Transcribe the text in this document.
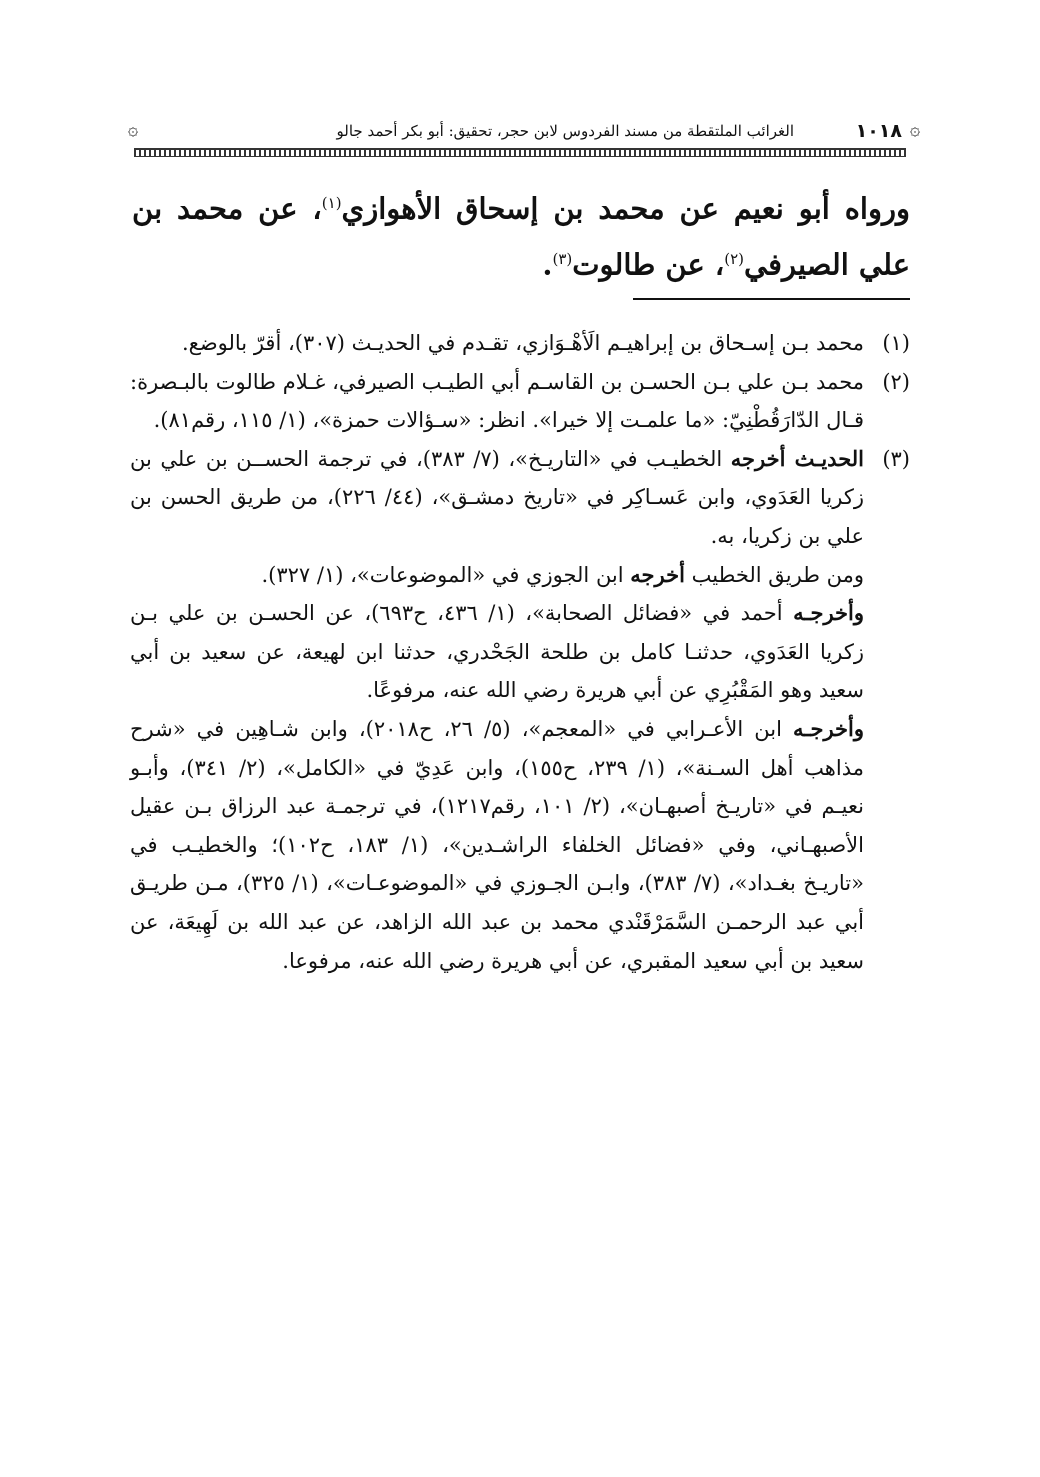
۞
١٠١٨
الغرائب الملتقطة من مسند الفردوس لابن حجر، تحقيق: أبو بكر أحمد جالو
۞
ورواه أبو نعيم عن محمد بن إسحاق الأهوازي$^{(١)}$، عن محمد بن علي الصيرفي$^{(٢)}$، عن طالوت$^{(٣)}$.
(١)
محمد بـن إسـحاق بن إبراهيـم الَأهْـوَازي، تقـدم في الحديـث (٣٠٧)، أقرّ بالوضع.
(٢)
محمد بـن علي بـن الحسـن بن القاسـم أبي الطيـب الصيرفي، غـلام طالوت بالبـصرة: قـال الدّارَقُطْنِيّ: «ما علمـت إلا خيرا». انظر: «سـؤالات حمزة»، (١/ ١١٥، رقم٨١).
(٣)
الحديـث أخرجه الخطيـب في «التاريـخ»، (٧/ ٣٨٣)، في ترجمة الحســن بن علي بن زكريا العَدَوي، وابن عَسـاكِر في «تاريخ دمشـق»، (٤٤/ ٢٢٦)، من طريق الحسن بن علي بن زكريا، به.

ومن طريق الخطيب أخرجه ابن الجوزي في «الموضوعات»، (١/ ٣٢٧).

وأخرجـه أحمد في «فضائل الصحابة»، (١/ ٤٣٦، ح٦٩٣)، عن الحسـن بن علي بـن زكريا العَدَوي، حدثنـا كامل بن طلحة الجَحْدري، حدثنا ابن لهيعة، عن سعيد بن أبي سعيد وهو المَقْبُرِي عن أبي هريرة رضي الله عنه، مرفوعًا.

وأخرجـه ابن الأعـرابي في «المعجم»، (٥/ ٢٦، ح٢٠١٨)، وابن شـاهِين في «شرح مذاهب أهل السـنة»، (١/ ٢٣٩، ح١٥٥)، وابن عَدِيّ في «الكامل»، (٢/ ٣٤١)، وأبـو نعيـم في «تاريـخ أصبهـان»، (٢/ ١٠١، رقم١٢١٧)، في ترجمـة عبد الرزاق بـن عقيل الأصبهـاني، وفي «فضائل الخلفاء الراشـدين»، (١/ ١٨٣، ح١٠٢)؛ والخطيـب في «تاريـخ بغـداد»، (٧/ ٣٨٣)، وابـن الجـوزي في «الموضوعـات»، (١/ ٣٢٥)، مـن طريـق أبي عبد الرحمـن السَّمَرْقَنْدي محمد بن عبد الله الزاهد، عن عبد الله بن لَهِيعَة، عن سعيد بن أبي سعيد المقبري، عن أبي هريرة رضي الله عنه، مرفوعا.
